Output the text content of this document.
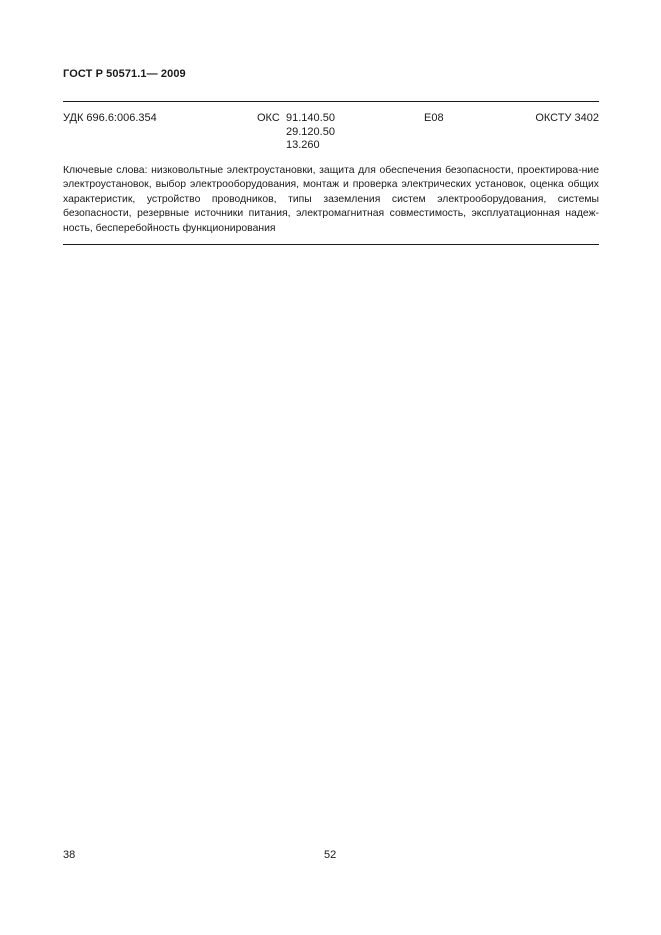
ГОСТ Р 50571.1— 2009
УДК 696.6:006.354	ОКС 91.140.50
29.120.50
13.260
Е08	ОКСТУ 3402
Ключевые слова: низковольтные электроустановки, защита для обеспечения безопасности, проектирова-ние электроустановок, выбор электрооборудования, монтаж и проверка электрических установок, оценка общих характеристик, устройство проводников, типы заземления систем электрооборудования, системы безопасности, резервные источники питания, электромагнитная совместимость, эксплуатационная надеж-ность, бесперебойность функционирования
38	52
